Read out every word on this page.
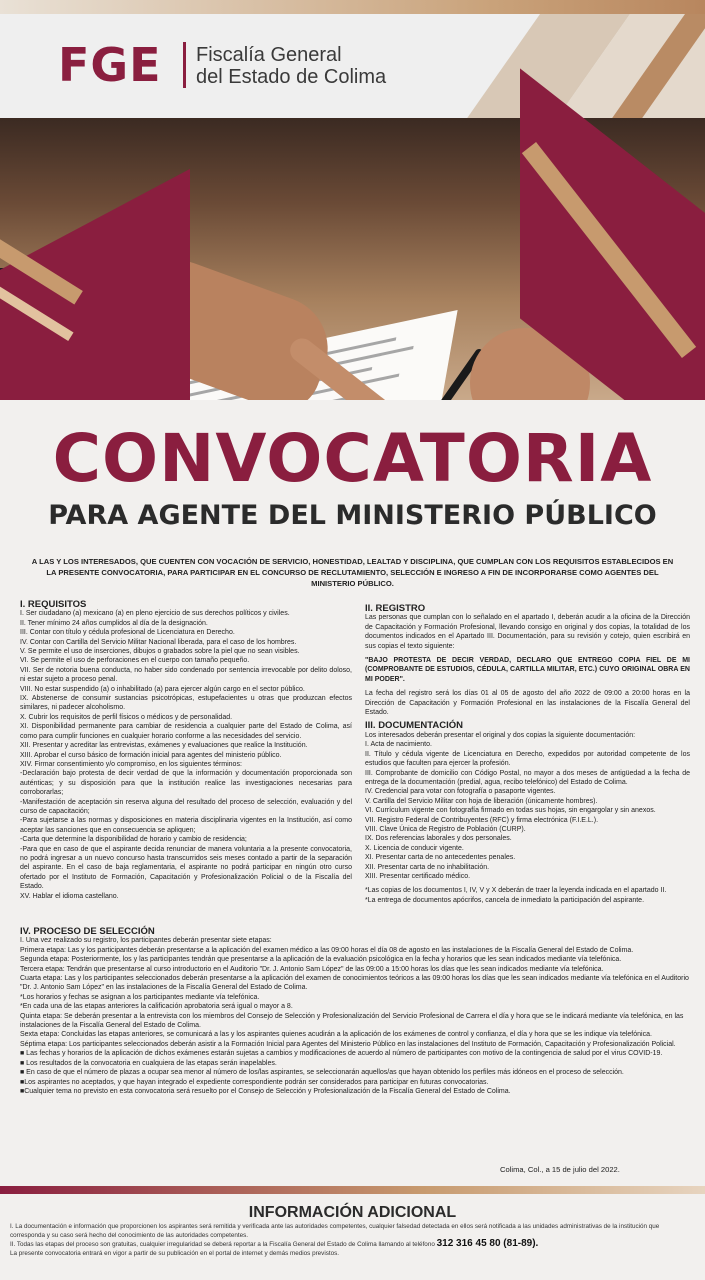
FGE Fiscalía General
del Estado de Colima
CONVOCATORIA
PARA AGENTE DEL MINISTERIO PÚBLICO
A LAS Y LOS INTERESADOS, QUE CUENTEN CON VOCACIÓN DE SERVICIO, HONESTIDAD, LEALTAD Y DISCIPLINA, QUE CUMPLAN CON LOS REQUISITOS ESTABLECIDOS EN LA PRESENTE CONVOCATORIA, PARA PARTICIPAR EN EL CONCURSO DE RECLUTAMIENTO, SELECCIÓN E INGRESO A FIN DE INCORPORARSE COMO AGENTES DEL MINISTERIO PÚBLICO.

I. REQUISITOS

I. Ser ciudadano (a) mexicano (a) en pleno ejercicio de sus derechos políticos y civiles.

II. Tener mínimo 24 años cumplidos al día de la designación.

III. Contar con título y cédula profesional de Licenciatura en Derecho.

IV. Contar con Cartilla del Servicio Militar Nacional liberada, para el caso de los hombres.

V. Se permite el uso de inserciones, dibujos o grabados sobre la piel que no sean visibles.

VI. Se permite el uso de perforaciones en el cuerpo con tamaño pequeño.

VII. Ser de notoria buena conducta, no haber sido condenado por sentencia irrevocable por delito doloso, ni estar sujeto a proceso penal.

VIII. No estar suspendido (a) o inhabilitado (a) para ejercer algún cargo en el sector público.

IX. Abstenerse de consumir sustancias psicotrópicas, estupefacientes u otras que produzcan efectos similares, ni padecer alcoholismo.

X. Cubrir los requisitos de perfil físicos o médicos y de personalidad.

XI. Disponibilidad permanente para cambiar de residencia a cualquier parte del Estado de Colima, así como para cumplir funciones en cualquier horario conforme a las necesidades del servicio.

XII. Presentar y acreditar las entrevistas, exámenes y evaluaciones que realice la Institución.

XIII. Aprobar el curso básico de formación inicial para agentes del ministerio público.

XIV. Firmar consentimiento y/o compromiso, en los siguientes términos:

-Declaración bajo protesta de decir verdad de que la información y documentación proporcionada son auténticas; y su disposición para que la institución realice las investigaciones necesarias para corroborarlas;

-Manifestación de aceptación sin reserva alguna del resultado del proceso de selección, evaluación y del curso de capacitación;

-Para sujetarse a las normas y disposiciones en materia disciplinaria vigentes en la Institución, así como aceptar las sanciones que en consecuencia se apliquen;

-Carta que determine la disponibilidad de horario y cambio de residencia;

-Para que en caso de que el aspirante decida renunciar de manera voluntaria a la presente convocatoria, no podrá ingresar a un nuevo concurso hasta transcurridos seis meses contado a partir de la separación del aspirante. En el caso de baja reglamentaria, el aspirante no podrá participar en ningún otro curso ofertado por el Instituto de Formación, Capacitación y Profesionalización Policial o de la Fiscalía del Estado.

XV. Hablar el idioma castellano.

II. REGISTRO

Las personas que cumplan con lo señalado en el apartado I, deberán acudir a la oficina de la Dirección de Capacitación y Formación Profesional, llevando consigo en original y dos copias, la totalidad de los documentos indicados en el Apartado III. Documentación, para su revisión y cotejo, quien escribirá en sus copias el texto siguiente:

"BAJO PROTESTA DE DECIR VERDAD, DECLARO QUE ENTREGO COPIA FIEL DE MI (COMPROBANTE DE ESTUDIOS, CÉDULA, CARTILLA MILITAR, ETC.) CUYO ORIGINAL OBRA EN MI PODER".

La fecha del registro será los días 01 al 05 de agosto del año 2022 de 09:00 a 20:00 horas en la Dirección de Capacitación y Formación Profesional en las instalaciones de la Fiscalía General del Estado.

III. DOCUMENTACIÓN

Los interesados deberán presentar el original y dos copias la siguiente documentación:

I. Acta de nacimiento.

II. Título y cédula vigente de Licenciatura en Derecho, expedidos por autoridad competente de los estudios que faculten para ejercer la profesión.

III. Comprobante de domicilio con Código Postal, no mayor a dos meses de antigüedad a la fecha de entrega de la documentación (predial, agua, recibo telefónico) del Estado de Colima.

IV. Credencial para votar con fotografía o pasaporte vigentes.

V. Cartilla del Servicio Militar con hoja de liberación (únicamente hombres).

VI. Currículum vigente con fotografía firmado en todas sus hojas, sin engargolar y sin anexos.

VII. Registro Federal de Contribuyentes (RFC) y firma electrónica (F.I.E.L.).

VIII. Clave Única de Registro de Población (CURP).

IX. Dos referencias laborales y dos personales.

X. Licencia de conducir vigente.

XI. Presentar carta de no antecedentes penales.

XII. Presentar carta de no inhabilitación.

XIII. Presentar certificado médico.

*Las copias de los documentos I, IV, V y X deberán de traer la leyenda indicada en el apartado II.

*La entrega de documentos apócrifos, cancela de inmediato la participación del aspirante.

IV. PROCESO DE SELECCIÓN

I. Una vez realizado su registro, los participantes deberán presentar siete etapas:

Primera etapa: Las y los participantes deberán presentarse a la aplicación del examen médico a las 09:00 horas el día 08 de agosto en las instalaciones de la Fiscalía General del Estado de Colima.

Segunda etapa: Posteriormente, los y las participantes tendrán que presentarse a la aplicación de la evaluación psicológica en la fecha y horarios que les sean indicados mediante vía telefónica.

Tercera etapa: Tendrán que presentarse al curso introductorio en el Auditorio "Dr. J. Antonio Sam López" de las 09:00 a 15:00 horas los días que les sean indicados mediante vía telefónica.

Cuarta etapa: Las y los participantes seleccionados deberán presentarse a la aplicación del examen de conocimientos teóricos a las 09:00 horas los días que les sean indicados mediante vía telefónica en el Auditorio "Dr. J. Antonio Sam López" en las instalaciones de la Fiscalía General del Estado de Colima.

*Los horarios y fechas se asignan a los participantes mediante vía telefónica.

*En cada una de las etapas anteriores la calificación aprobatoria será igual o mayor a 8.

Quinta etapa: Se deberán presentar a la entrevista con los miembros del Consejo de Selección y Profesionalización del Servicio Profesional de Carrera el día y hora que se le indicará mediante vía telefónica, en las instalaciones de la Fiscalía General del Estado de Colima.

Sexta etapa: Concluidas las etapas anteriores, se comunicará a las y los aspirantes quienes acudirán a la aplicación de los exámenes de control y confianza, el día y hora que se les indique vía telefónica.

Séptima etapa: Los participantes seleccionados deberán asistir a la Formación Inicial para Agentes del Ministerio Público en las instalaciones del Instituto de Formación, Capacitación y Profesionalización Policial.

■ Las fechas y horarios de la aplicación de dichos exámenes estarán sujetas a cambios y modificaciones de acuerdo al número de participantes con motivo de la contingencia de salud por el virus COVID-19.

■ Los resultados de la convocatoria en cualquiera de las etapas serán inapelables.

■ En caso de que el número de plazas a ocupar sea menor al número de los/las aspirantes, se seleccionarán aquellos/as que hayan obtenido los perfiles más idóneos en el proceso de selección.

■Los aspirantes no aceptados, y que hayan integrado el expediente correspondiente podrán ser considerados para participar en futuras convocatorias.

■Cualquier tema no previsto en esta convocatoria será resuelto por el Consejo de Selección y Profesionalización de la Fiscalía General del Estado de Colima.

Colima, Col., a 15 de julio del 2022.
INFORMACIÓN ADICIONAL

I. La documentación e información que proporcionen los aspirantes será remitida y verificada ante las autoridades competentes, cualquier falsedad detectada en ellos será notificada a las unidades administrativas de la institución que corresponda y su caso será hecho del conocimiento de las autoridades competentes.

II. Todas las etapas del proceso son gratuitas, cualquier irregularidad se deberá reportar a la Fiscalía General del Estado de Colima llamando al teléfono 312 316 45 80 (81-89).

La presente convocatoria entrará en vigor a partir de su publicación en el portal de internet y demás medios previstos.
